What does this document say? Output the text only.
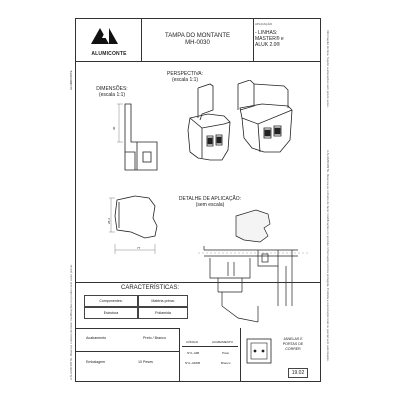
ALUMICONTE
A ALUMICONTE. Reserva o direito de fazer modificações no produto sem aviso prévio.
Informação técnica. Sujeito a alterações sem prévio aviso.
A ALUMICONTE. Reserva-se o direito de fazer modificações no produto. Informação técnica protegida. Proibida a reprodução total ou parcial sem autorização.
ALUMICONTE
TAMPA DO MONTANTE
MH-0030
APLICAÇÃO
- LINHAS:
MASTER® e
ALUK 2.0®
PERSPECTIVA:
(escala 1:1)
DIMENSÕES:
(escala 1:1)
30
28,4
77
DETALHE DE APLICAÇÃO:
(sem escala)
CARACTERÍSTICAS:
Componentes:	Matéria-prima:
Estrutura	Poliamida
Acabamento	Preto / Branco
Embalagem	10 Peses
CÓDIGO	ACABAMENTO
NYL-44B	Preto
NYL-44WB	Branco
JANELAS E PORTAS DE CORRER
19.02
